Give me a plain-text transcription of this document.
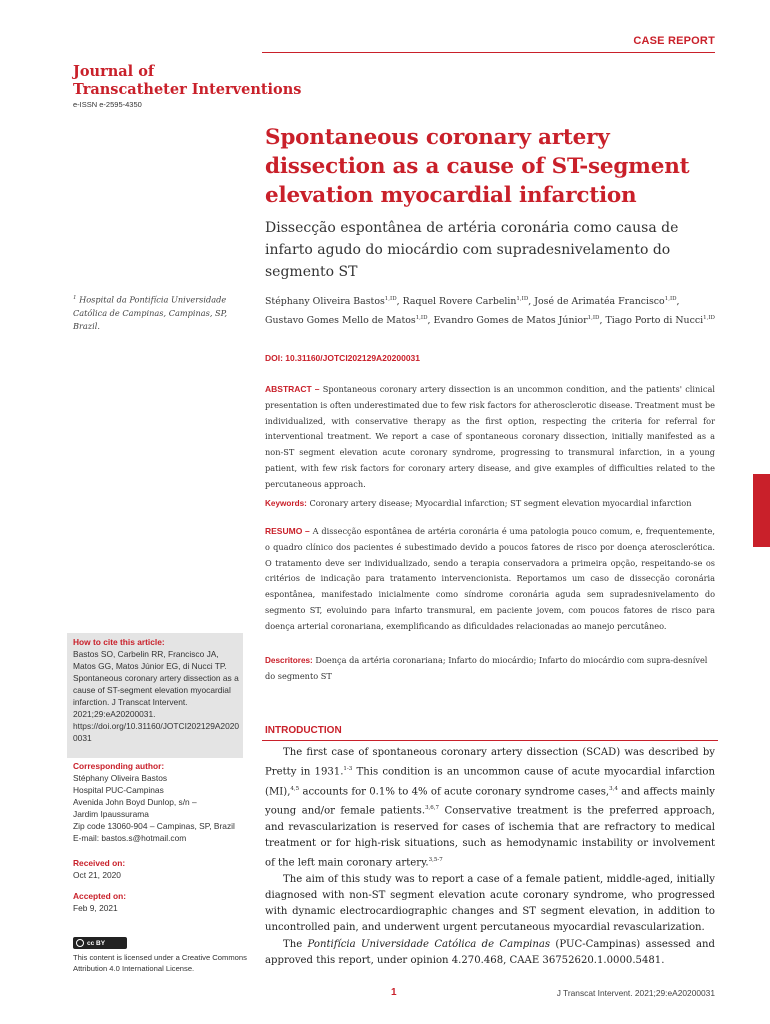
CASE REPORT
Journal of
Transcatheter Interventions
e-ISSN e-2595-4350
Spontaneous coronary artery dissection as a cause of ST-segment elevation myocardial infarction
Dissecção espontânea de artéria coronária como causa de infarto agudo do miocárdio com supradesnivelamento do segmento ST
$^1$ Hospital da Pontifícia Universidade Católica de Campinas, Campinas, SP, Brazil.
Stéphany Oliveira Bastos$^{1,ID}$, Raquel Rovere Carbelin$^{1,ID}$, José de Arimatéa Francisco$^{1,ID}$, Gustavo Gomes Mello de Matos$^{1,ID}$, Evandro Gomes de Matos Júnior$^{1,ID}$, Tiago Porto di Nucci$^{1,ID}$
DOI: 10.31160/JOTCI202129A20200031
ABSTRACT – Spontaneous coronary artery dissection is an uncommon condition, and the patients' clinical presentation is often underestimated due to few risk factors for atherosclerotic disease. Treatment must be individualized, with conservative therapy as the first option, respecting the criteria for referral for interventional treatment. We report a case of spontaneous coronary dissection, initially manifested as a non-ST segment elevation acute coronary syndrome, progressing to transmural infarction, in a young patient, with few risk factors for coronary artery disease, and give examples of difficulties related to the percutaneous approach.
Keywords: Coronary artery disease; Myocardial infarction; ST segment elevation myocardial infarction
RESUMO – A dissecção espontânea de artéria coronária é uma patologia pouco comum, e, frequentemente, o quadro clínico dos pacientes é subestimado devido a poucos fatores de risco por doença aterosclerótica. O tratamento deve ser individualizado, sendo a terapia conservadora a primeira opção, respeitando-se os critérios de indicação para tratamento intervencionista. Reportamos um caso de dissecção coronária espontânea, manifestado inicialmente como síndrome coronária aguda sem supradesnivelamento do segmento ST, evoluindo para infarto transmural, em paciente jovem, com poucos fatores de risco para doença arterial coronariana, exemplificando as dificuldades relacionadas ao manejo percutâneo.
Descritores: Doença da artéria coronariana; Infarto do miocárdio; Infarto do miocárdio com supra-desnível do segmento ST
How to cite this article:
Bastos SO, Carbelin RR, Francisco JA, Matos GG, Matos Júnior EG, di Nucci TP. Spontaneous coronary artery dissection as a cause of ST-segment elevation myocardial infarction. J Transcat Intervent. 2021;29:eA20200031. https://doi.org/10.31160/JOTCI202129A20200031
Corresponding author:
Stéphany Oliveira Bastos
Hospital PUC-Campinas
Avenida John Boyd Dunlop, s/n –
Jardim Ipaussurama
Zip code 13060-904 – Campinas, SP, Brazil
E-mail: bastos.s@hotmail.com
Received on:
Oct 21, 2020
Accepted on:
Feb 9, 2021
cc BY
This content is licensed under a Creative Commons Attribution 4.0 International License.
INTRODUCTION

The first case of spontaneous coronary artery dissection (SCAD) was described by Pretty in 1931.$^{1-3}$ This condition is an uncommon cause of acute myocardial infarction (MI),$^{4,5}$ accounts for 0.1% to 4% of acute coronary syndrome cases,$^{3,4}$ and affects mainly young and/or female patients.$^{3,6,7}$ Conservative treatment is the preferred approach, and revascularization is reserved for cases of ischemia that are refractory to medical treatment or for high-risk situations, such as hemodynamic instability or involvement of the left main coronary artery.$^{3,5-7}$

The aim of this study was to report a case of a female patient, middle-aged, initially diagnosed with non-ST segment elevation acute coronary syndrome, who progressed with dynamic electrocardiographic changes and ST segment elevation, in addition to uncontrolled pain, and underwent urgent percutaneous myocardial revascularization.

The Pontifícia Universidade Católica de Campinas (PUC-Campinas) assessed and approved this report, under opinion 4.270.468, CAAE 36752620.1.0000.5481.

1	J Transcat Intervent. 2021;29:eA20200031
